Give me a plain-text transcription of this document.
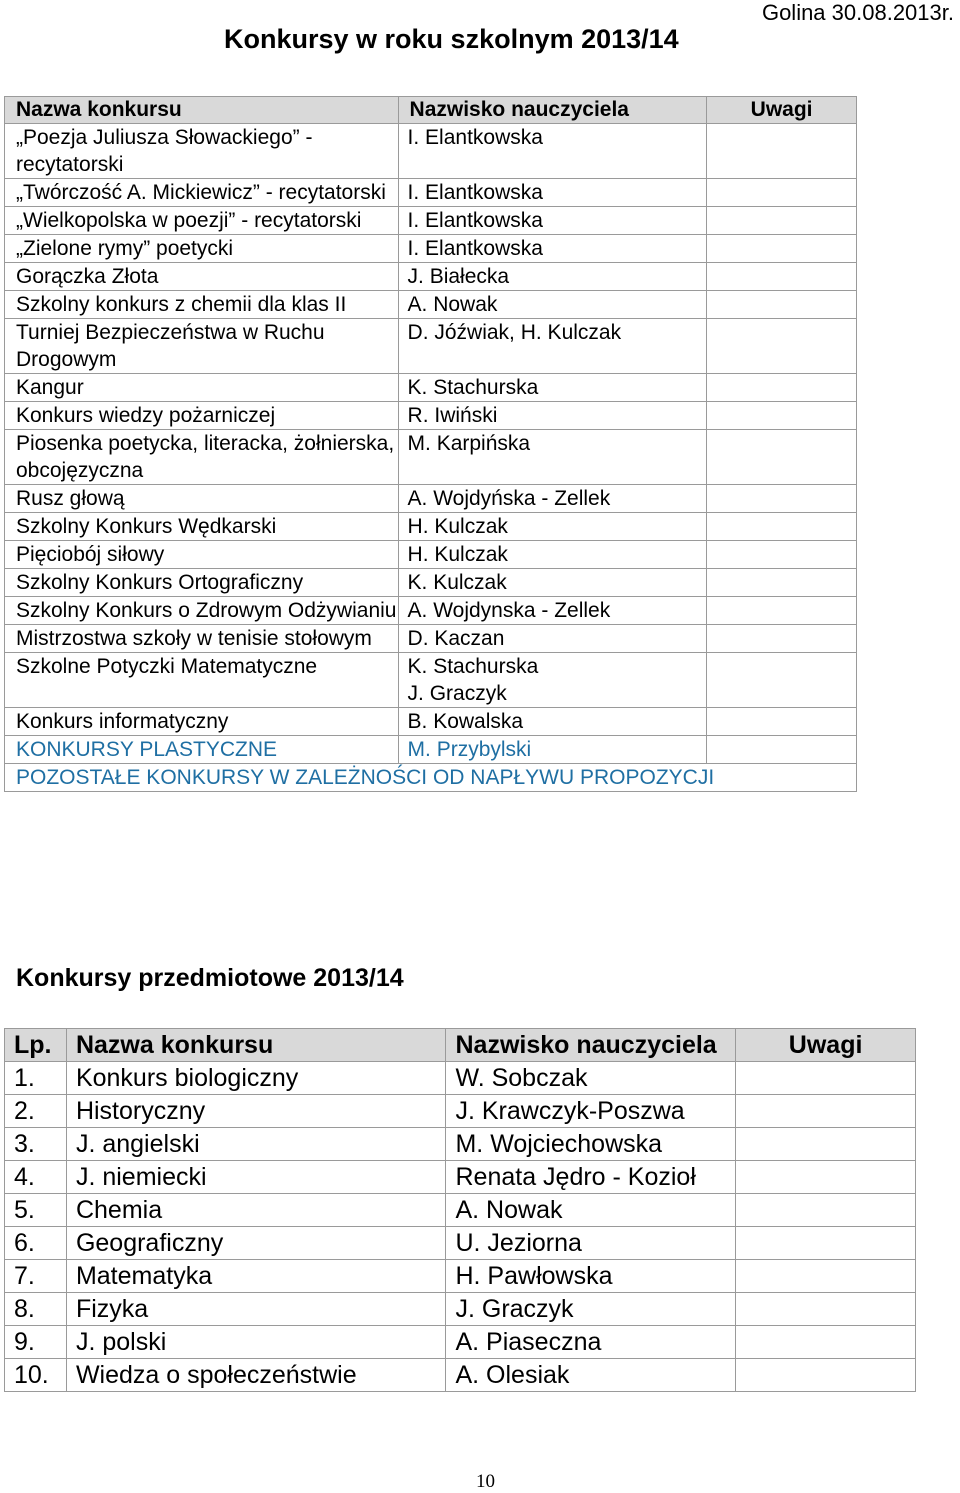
Golina 30.08.2013r.
Konkursy w roku szkolnym 2013/14
Nazwa konkursu	Nazwisko nauczyciela	Uwagi
„Poezja Juliusza Słowackiego” - recytatorski	I. Elantkowska	
„Twórczość A. Mickiewicz” - recytatorski	I. Elantkowska	
„Wielkopolska w poezji” - recytatorski	I. Elantkowska	
„Zielone rymy” poetycki	I. Elantkowska	
Gorączka Złota	J. Białecka	
Szkolny konkurs z chemii dla klas II	A. Nowak	
Turniej Bezpieczeństwa w Ruchu Drogowym	D. Jóźwiak, H. Kulczak	
Kangur	K. Stachurska	
Konkurs wiedzy pożarniczej	R. Iwiński	
Piosenka poetycka, literacka, żołnierska, obcojęzyczna	M. Karpińska	
Rusz głową	A. Wojdyńska - Zellek	
Szkolny Konkurs Wędkarski	H. Kulczak	
Pięciobój siłowy	H. Kulczak	
Szkolny Konkurs Ortograficzny	K. Kulczak	
Szkolny Konkurs o Zdrowym Odżywianiu	A. Wojdynska - Zellek	
Mistrzostwa szkoły w tenisie stołowym	D. Kaczan	
Szkolne Potyczki Matematyczne	K. Stachurska
J. Graczyk	
Konkurs informatyczny	B. Kowalska	
KONKURSY PLASTYCZNE	M. Przybylski	
POZOSTAŁE KONKURSY W ZALEŻNOŚCI OD NAPŁYWU PROPOZYCJI		
Konkursy przedmiotowe 2013/14
Lp.	Nazwa konkursu	Nazwisko nauczyciela	Uwagi
1.	Konkurs biologiczny	W. Sobczak	
2.	Historyczny	J. Krawczyk-Poszwa	
3.	J. angielski	M. Wojciechowska	
4.	J. niemiecki	Renata Jędro - Kozioł	
5.	Chemia	A. Nowak	
6.	Geograficzny	U. Jeziorna	
7.	Matematyka	H. Pawłowska	
8.	Fizyka	J. Graczyk	
9.	J. polski	A. Piaseczna	
10.	Wiedza o społeczeństwie	A. Olesiak	
10
